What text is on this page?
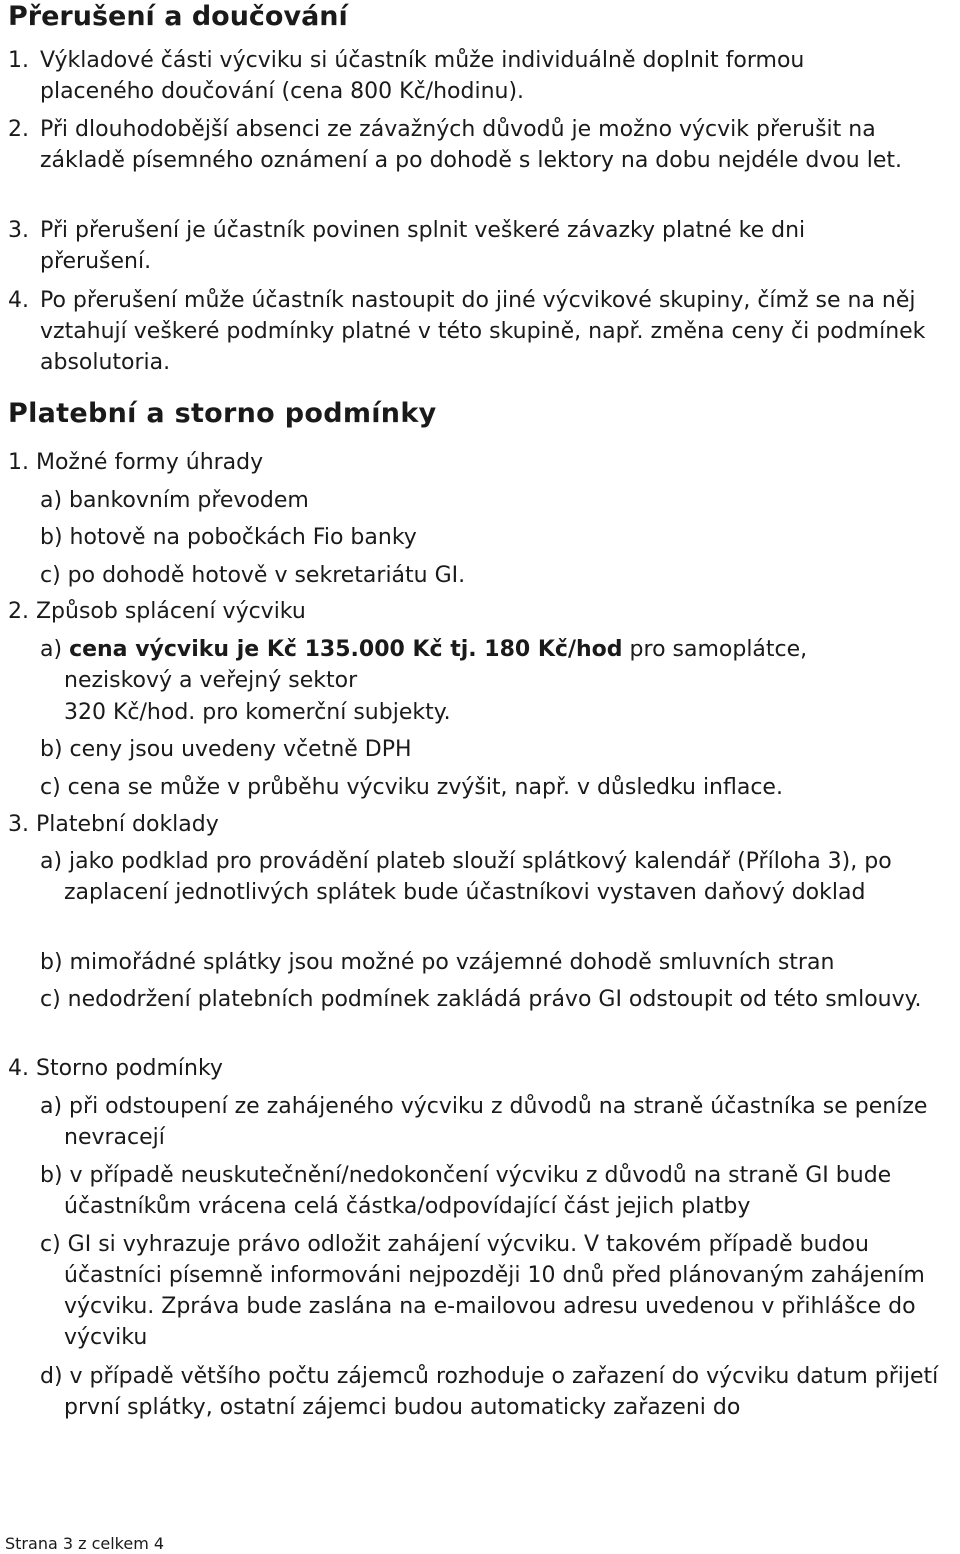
Přerušení a doučování

1. Výkladové části výcviku si účastník může individuálně doplnit formou placeného doučování (cena 800 Kč/hodinu).

2. Při dlouhodobější absenci ze závažných důvodů je možno výcvik přerušit na základě písemného oznámení a po dohodě s lektory na dobu nejdéle dvou let.

3. Při přerušení je účastník povinen splnit veškeré závazky platné ke dni přerušení.

4. Po přerušení může účastník nastoupit do jiné výcvikové skupiny, čímž se na něj vztahují veškeré podmínky platné v této skupině, např. změna ceny či podmínek absolutoria.

Platební a storno podmínky

1. Možné formy úhrady

a) bankovním převodem

b) hotově na pobočkách Fio banky

c) po dohodě hotově v sekretariátu GI.

2. Způsob splácení výcviku

a) cena výcviku je Kč 135.000 Kč tj. 180 Kč/hod pro samoplátce,

neziskový a veřejný sektor

320 Kč/hod. pro komerční subjekty.

b) ceny jsou uvedeny včetně DPH

c) cena se může v průběhu výcviku zvýšit, např. v důsledku inflace.

3. Platební doklady

a) jako podklad pro provádění plateb slouží splátkový kalendář (Příloha 3), po zaplacení jednotlivých splátek bude účastníkovi vystaven daňový doklad

b) mimořádné splátky jsou možné po vzájemné dohodě smluvních stran

c) nedodržení platebních podmínek zakládá právo GI odstoupit od této smlouvy.

4. Storno podmínky

a) při odstoupení ze zahájeného výcviku z důvodů na straně účastníka se peníze nevracejí

b) v případě neuskutečnění/nedokončení výcviku z důvodů na straně GI bude účastníkům vrácena celá částka/odpovídající část jejich platby

c) GI si vyhrazuje právo odložit zahájení výcviku. V takovém případě budou účastníci písemně informováni nejpozději 10 dnů před plánovaným zahájením výcviku. Zpráva bude zaslána na e-mailovou adresu uvedenou v přihlášce do výcviku

d) v případě většího počtu zájemců rozhoduje o zařazení do výcviku datum přijetí první splátky, ostatní zájemci budou automaticky zařazeni do

Strana 3 z celkem 4
